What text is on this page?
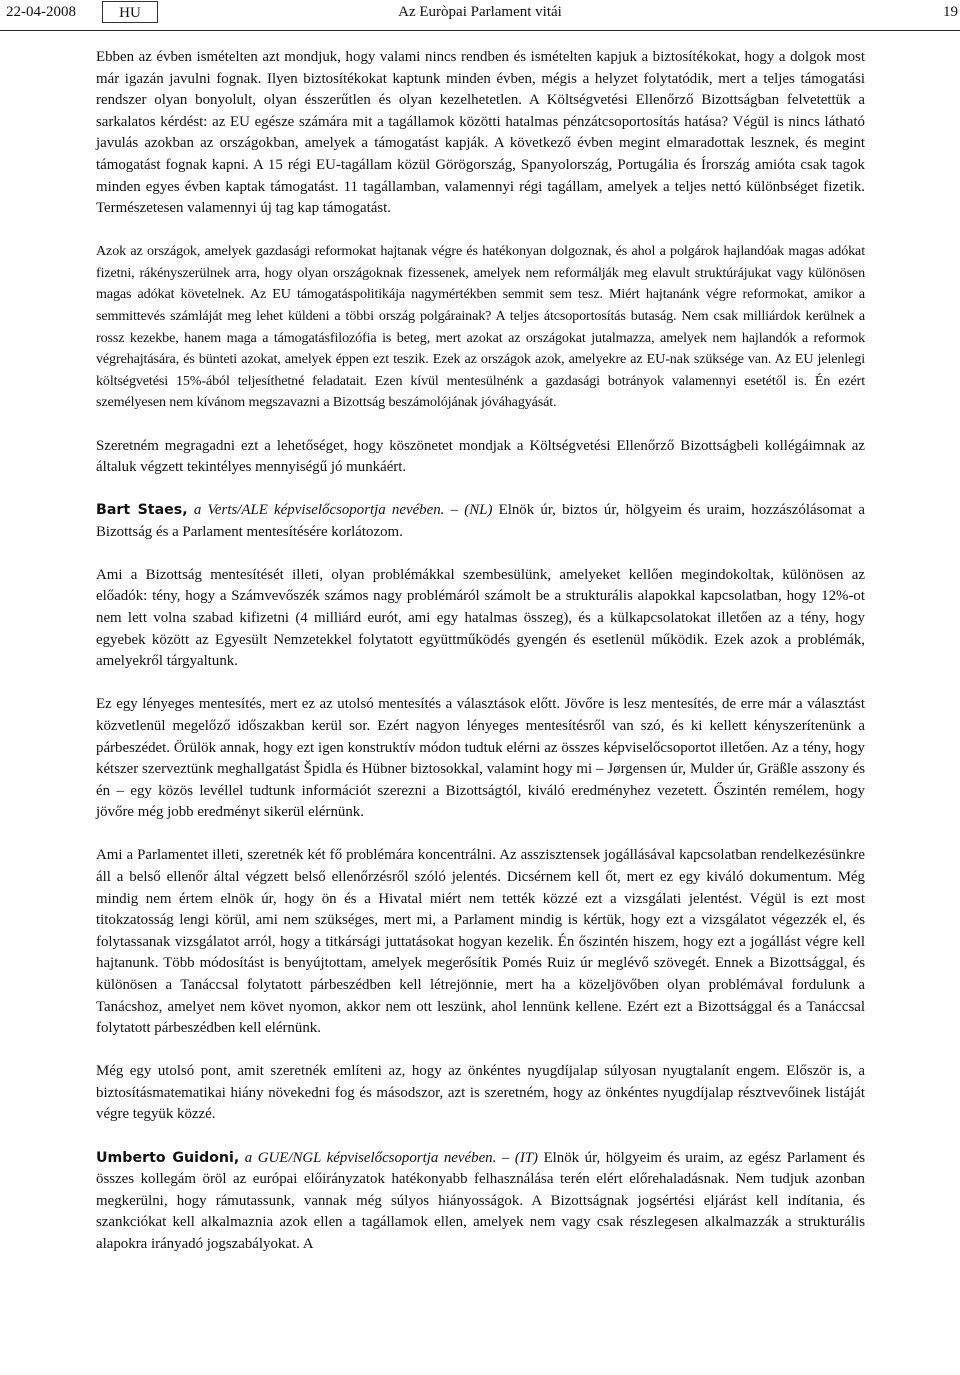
22-04-2008	HU	Az Euròpai Parlament vitái	19

Ebben az évben ismételten azt mondjuk, hogy valami nincs rendben és ismételten kapjuk a biztosítékokat, hogy a dolgok most már igazán javulni fognak. Ilyen biztosítékokat kaptunk minden évben, mégis a helyzet folytatódik, mert a teljes támogatási rendszer olyan bonyolult, olyan ésszerűtlen és olyan kezelhetetlen. A Költségvetési Ellenőrző Bizottságban felvetettük a sarkalatos kérdést: az EU egésze számára mit a tagállamok közötti hatalmas pénzátcsoportosítás hatása? Végül is nincs látható javulás azokban az országokban, amelyek a támogatást kapják. A következő évben megint elmaradottak lesznek, és megint támogatást fognak kapni. A 15 régi EU-tagállam közül Görögország, Spanyolország, Portugália és Írország amióta csak tagok minden egyes évben kaptak támogatást. 11 tagállamban, valamennyi régi tagállam, amelyek a teljes nettó különbséget fizetik. Természetesen valamennyi új tag kap támogatást.

Azok az országok, amelyek gazdasági reformokat hajtanak végre és hatékonyan dolgoznak, és ahol a polgárok hajlandóak magas adókat fizetni, rákényszerülnek arra, hogy olyan országoknak fizessenek, amelyek nem reformálják meg elavult struktúrájukat vagy különösen magas adókat követelnek. Az EU támogatáspolitikája nagymértékben semmit sem tesz. Miért hajtanánk végre reformokat, amikor a semmittevés számláját meg lehet küldeni a többi ország polgárainak? A teljes átcsoportosítás butaság. Nem csak milliárdok kerülnek a rossz kezekbe, hanem maga a támogatásfilozófia is beteg, mert azokat az országokat jutalmazza, amelyek nem hajlandók a reformok végrehajtására, és bünteti azokat, amelyek éppen ezt teszik. Ezek az országok azok, amelyekre az EU-nak szüksége van. Az EU jelenlegi költségvetési 15%-ából teljesíthetné feladatait. Ezen kívül mentesülnénk a gazdasági botrányok valamennyi esetétől is. Én ezért személyesen nem kívánom megszavazni a Bizottság beszámolójának jóváhagyását.

Szeretném megragadni ezt a lehetőséget, hogy köszönetet mondjak a Költségvetési Ellenőrző Bizottságbeli kollégáimnak az általuk végzett tekintélyes mennyiségű jó munkáért.

Bart Staes, a Verts/ALE képviselőcsoportja nevében. – (NL) Elnök úr, biztos úr, hölgyeim és uraim, hozzászólásomat a Bizottság és a Parlament mentesítésére korlátozom.

Ami a Bizottság mentesítését illeti, olyan problémákkal szembesülünk, amelyeket kellően megindokoltak, különösen az előadók: tény, hogy a Számvevőszék számos nagy problémáról számolt be a strukturális alapokkal kapcsolatban, hogy 12%-ot nem lett volna szabad kifizetni (4 milliárd eurót, ami egy hatalmas összeg), és a külkapcsolatokat illetően az a tény, hogy egyebek között az Egyesült Nemzetekkel folytatott együttműködés gyengén és esetlenül működik. Ezek azok a problémák, amelyekről tárgyaltunk.

Ez egy lényeges mentesítés, mert ez az utolsó mentesítés a választások előtt. Jövőre is lesz mentesítés, de erre már a választást közvetlenül megelőző időszakban kerül sor. Ezért nagyon lényeges mentesítésről van szó, és ki kellett kényszerítenünk a párbeszédet. Örülök annak, hogy ezt igen konstruktív módon tudtuk elérni az összes képviselőcsoportot illetően. Az a tény, hogy kétszer szerveztünk meghallgatást Špidla és Hübner biztosokkal, valamint hogy mi – Jørgensen úr, Mulder úr, Gräßle asszony és én – egy közös levéllel tudtunk információt szerezni a Bizottságtól, kiváló eredményhez vezetett. Őszintén remélem, hogy jövőre még jobb eredményt sikerül elérnünk.

Ami a Parlamentet illeti, szeretnék két fő problémára koncentrálni. Az asszisztensek jogállásával kapcsolatban rendelkezésünkre áll a belső ellenőr által végzett belső ellenőrzésről szóló jelentés. Dicsérnem kell őt, mert ez egy kiváló dokumentum. Még mindig nem értem elnök úr, hogy ön és a Hivatal miért nem tették közzé ezt a vizsgálati jelentést. Végül is ezt most titokzatosság lengi körül, ami nem szükséges, mert mi, a Parlament mindig is kértük, hogy ezt a vizsgálatot végezzék el, és folytassanak vizsgálatot arról, hogy a titkársági juttatásokat hogyan kezelik. Én őszintén hiszem, hogy ezt a jogállást végre kell hajtanunk. Több módosítást is benyújtottam, amelyek megerősítik Pomés Ruiz úr meglévő szövegét. Ennek a Bizottsággal, és különösen a Tanáccsal folytatott párbeszédben kell létrejönnie, mert ha a közeljövőben olyan problémával fordulunk a Tanácshoz, amelyet nem követ nyomon, akkor nem ott leszünk, ahol lennünk kellene. Ezért ezt a Bizottsággal és a Tanáccsal folytatott párbeszédben kell elérnünk.

Még egy utolsó pont, amit szeretnék említeni az, hogy az önkéntes nyugdíjalap súlyosan nyugtalanít engem. Először is, a biztosításmatematikai hiány növekedni fog és másodszor, azt is szeretném, hogy az önkéntes nyugdíjalap résztvevőinek listáját végre tegyük közzé.

Umberto Guidoni, a GUE/NGL képviselőcsoportja nevében. – (IT) Elnök úr, hölgyeim és uraim, az egész Parlament és összes kollegám öröl az európai előirányzatok hatékonyabb felhasználása terén elért előrehaladásnak. Nem tudjuk azonban megkerülni, hogy rámutassunk, vannak még súlyos hiányosságok. A Bizottságnak jogsértési eljárást kell indítania, és szankciókat kell alkalmaznia azok ellen a tagállamok ellen, amelyek nem vagy csak részlegesen alkalmazzák a strukturális alapokra irányadó jogszabályokat. A
